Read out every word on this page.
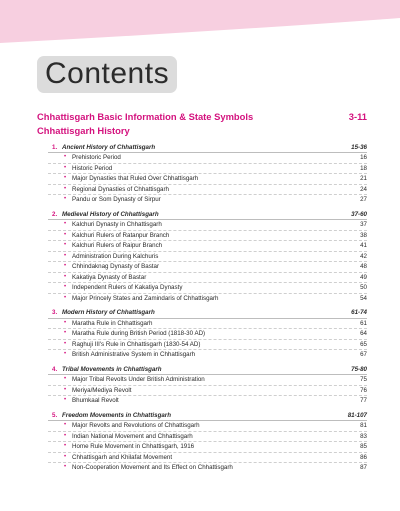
Contents
Chhattisgarh Basic Information & State Symbols	3-11
Chhattisgarh History
1. Ancient History of Chhattisgarh	15-36
• Prehistoric Period	16
• Historic Period	18
• Major Dynasties that Ruled Over Chhattisgarh	21
• Regional Dynasties of Chhattisgarh	24
• Pandu or Som Dynasty of Sirpur	27
2. Medieval History of Chhattisgarh	37-60
• Kalchuri Dynasty in Chhattisgarh	37
• Kalchuri Rulers of Ratanpur Branch	38
• Kalchuri Rulers of Raipur Branch	41
• Administration During Kalchuris	42
• Chhindaknag Dynasty of Bastar	48
• Kakatiya Dynasty of Bastar	49
• Independent Rulers of Kakatiya Dynasty	50
• Major Princely States and Zamindaris of Chhattisgarh	54
3. Modern History of Chhattisgarh	61-74
• Maratha Rule in Chhattisgarh	61
• Maratha Rule during British Period (1818-30 AD)	64
• Raghuji III's Rule in Chhattisgarh (1830-54 AD)	65
• British Administrative System in Chhattisgarh	67
4. Tribal Movements in Chhattisgarh	75-80
• Major Tribal Revolts Under British Administration	75
• Meriya/Mediya Revolt	76
• Bhumkaal Revolt	77
5. Freedom Movements in Chhattisgarh	81-107
• Major Revolts and Revolutions of Chhattisgarh	81
• Indian National Movement and Chhattisgarh	83
• Home Rule Movement in Chhattisgarh, 1916	85
• Chhattisgarh and Khilafat Movement	86
• Non-Cooperation Movement and Its Effect on Chhattisgarh	87
